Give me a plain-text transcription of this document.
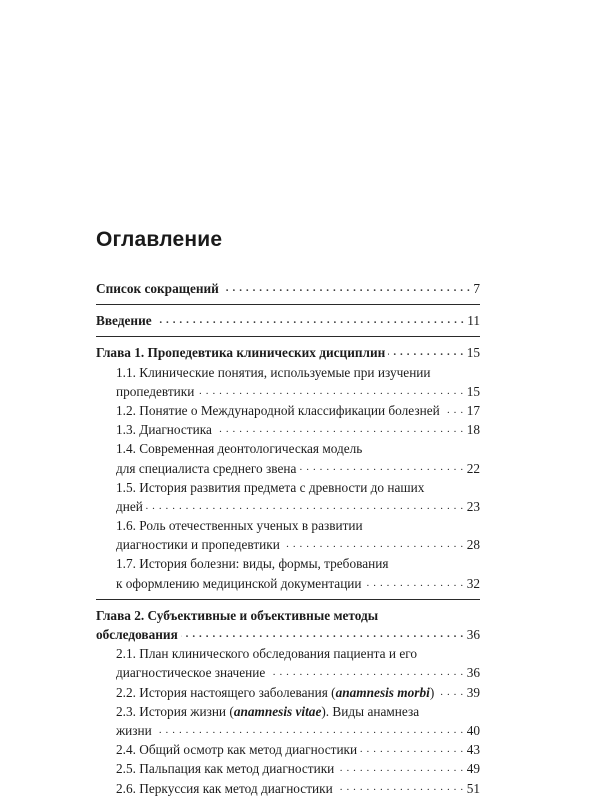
Оглавление
Список сокращений . . .	7
Введение . . .	11
Глава 1. Пропедевтика клинических дисциплин . . .	15
1.1. Клинические понятия, используемые при изучении
пропедевтики . . .	15
1.2. Понятие о Международной классификации болезней . . . 17
1.3. Диагностика . . .	18
1.4. Современная деонтологическая модель
для специалиста среднего звена . . .	22
1.5. История развития предмета с древности до наших
дней . . .	23
1.6. Роль отечественных ученых в развитии
диагностики и пропедевтики . . .	28
1.7. История болезни: виды, формы, требования
к оформлению медицинской документации . . .	32
Глава 2. Субъективные и объективные методы
обследования . . .	36
2.1. План клинического обследования пациента и его
диагностическое значение . . .	36
2.2. История настоящего заболевания (anamnesis morbi) . . . 39
2.3. История жизни (anamnesis vitae). Виды анамнеза
жизни . . .	40
2.4. Общий осмотр как метод диагностики . . .	43
2.5. Пальпация как метод диагностики . . .	49
2.6. Перкуссия как метод диагностики . . .	51
